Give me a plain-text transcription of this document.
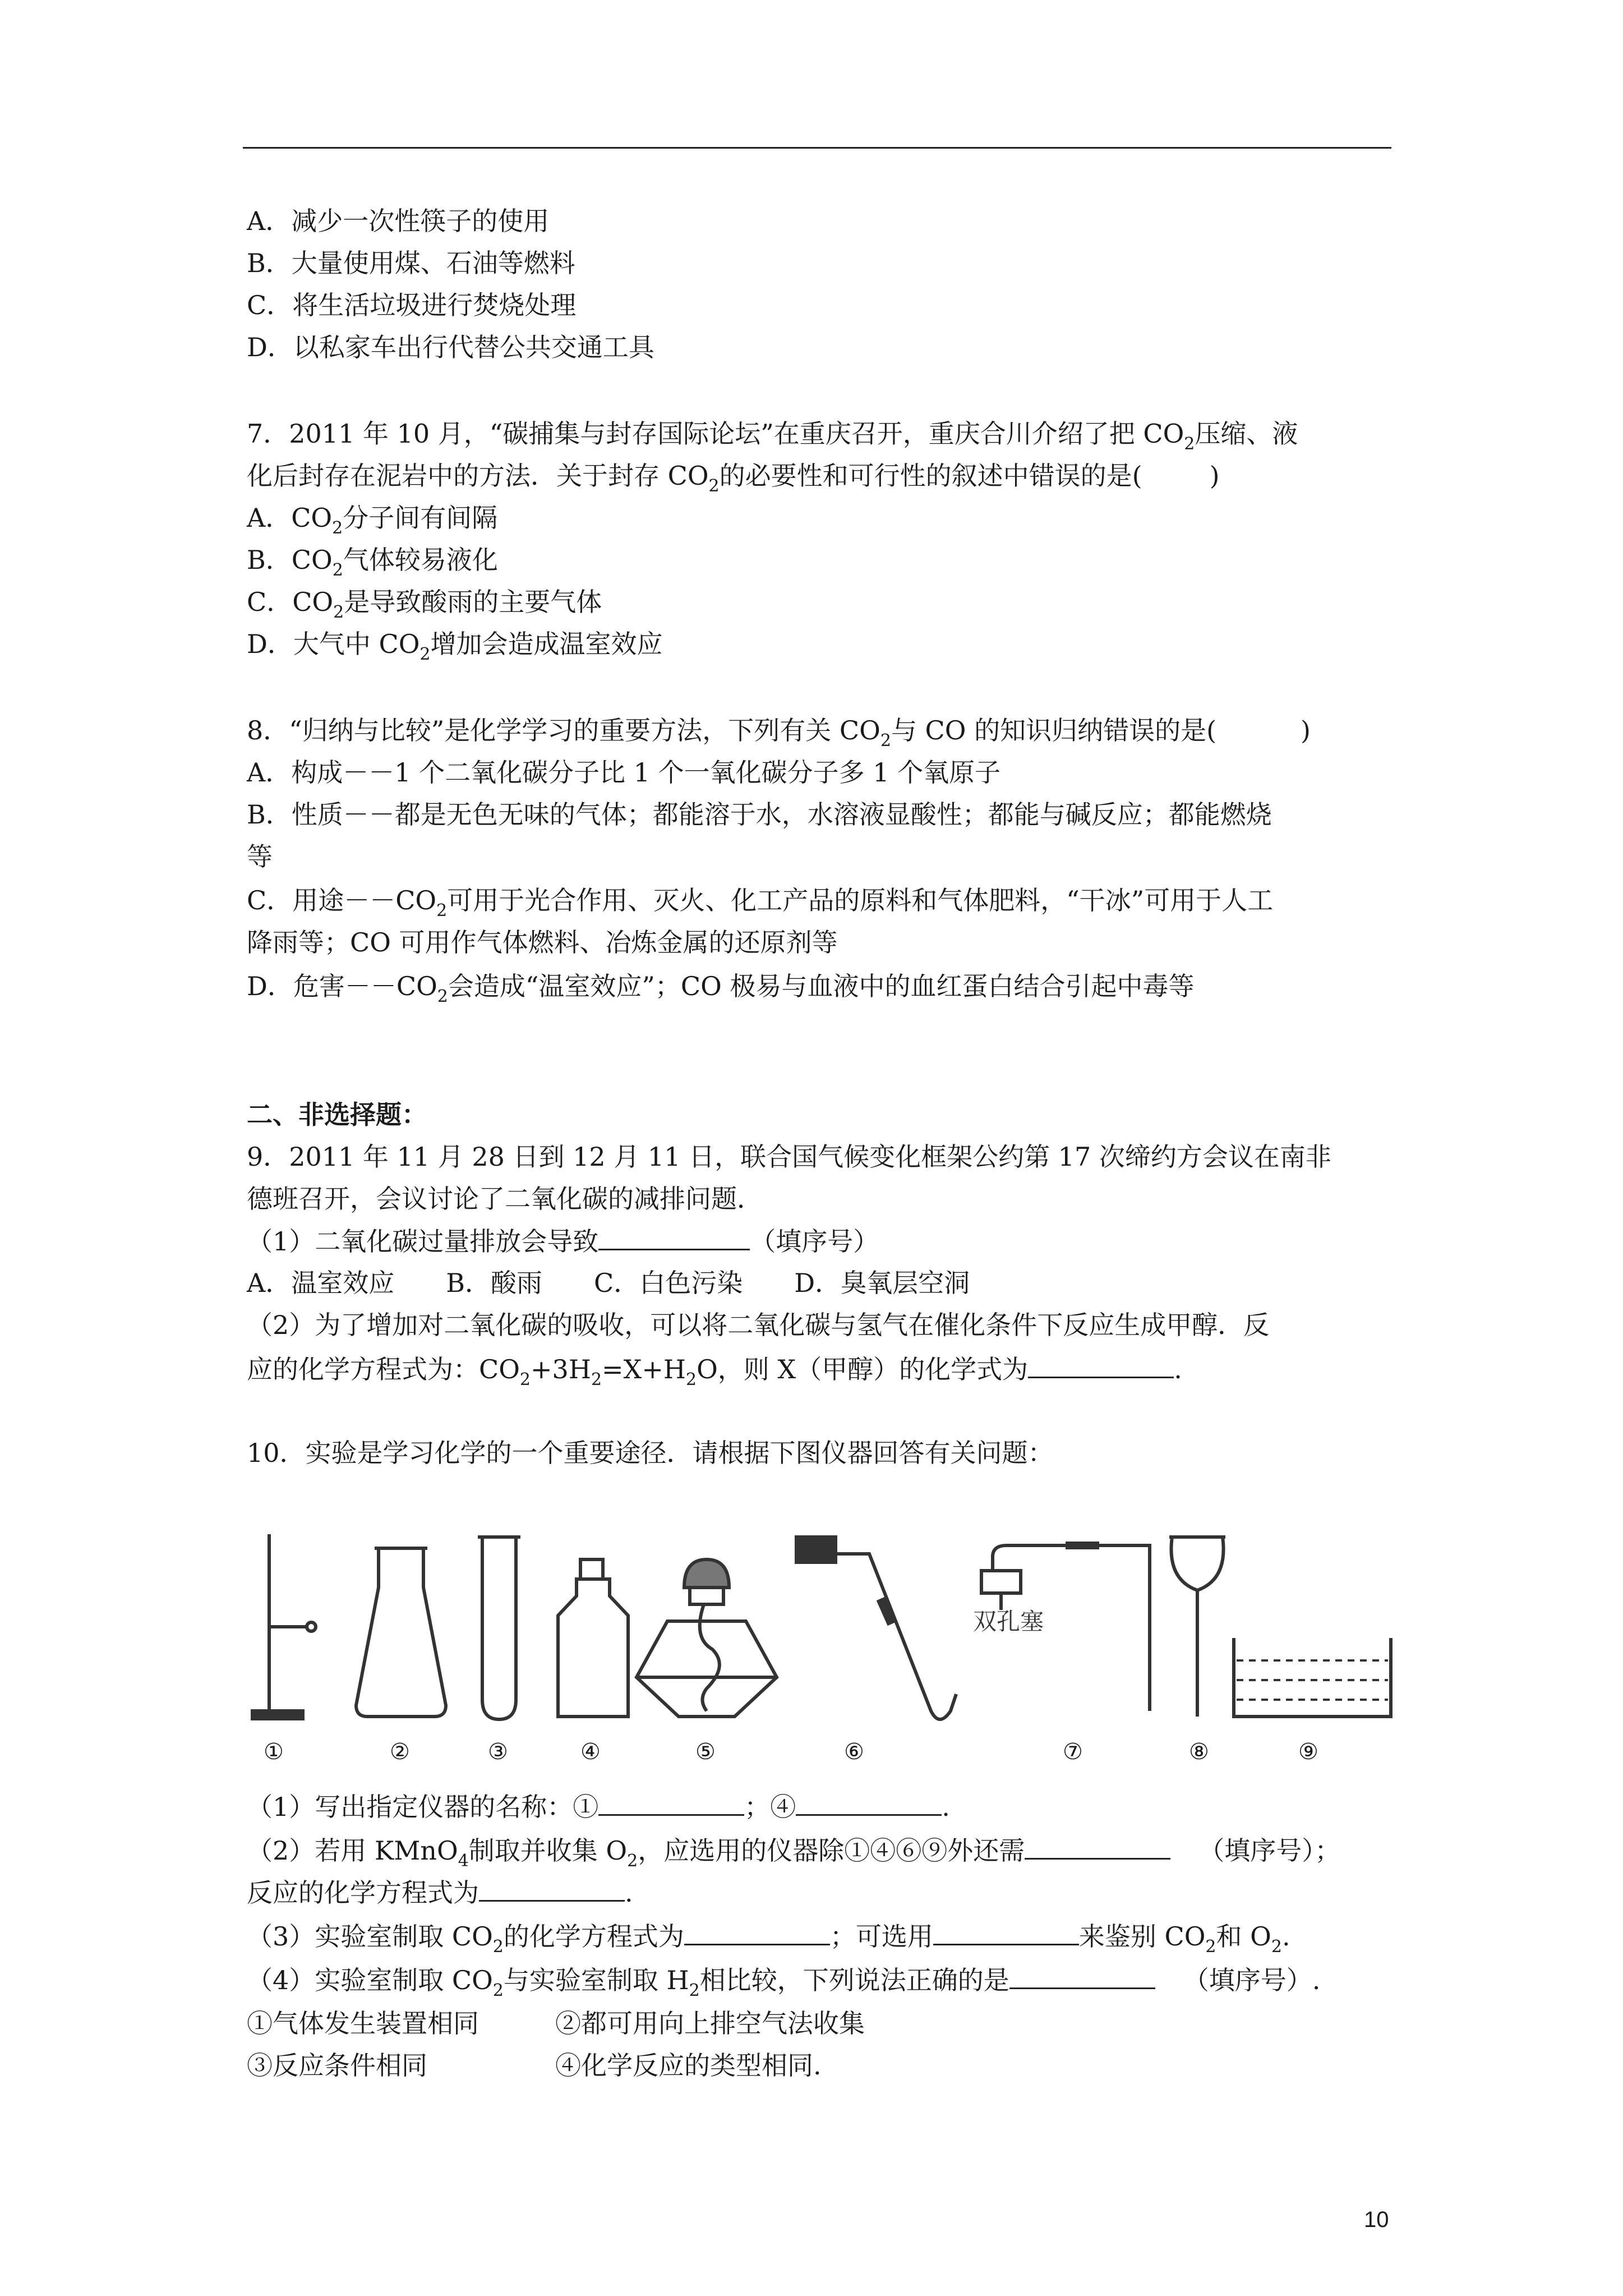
A．减少一次性筷子的使用
B．大量使用煤、石油等燃料
C．将生活垃圾进行焚烧处理
D．以私家车出行代替公共交通工具
7．2011 年 10 月，“碳捕集与封存国际论坛”在重庆召开，重庆合川介绍了把 $CO_2$压缩、液
化后封存在泥岩中的方法．关于封存 $CO_2$的必要性和可行性的叙述中错误的是(	)
A．$CO_2$分子间有间隔
B．$CO_2$气体较易液化
C．$CO_2$是导致酸雨的主要气体
D．大气中 $CO_2$增加会造成温室效应
8．“归纳与比较”是化学学习的重要方法，下列有关 $CO_2$与 CO 的知识归纳错误的是(	)
A．构成－－1 个二氧化碳分子比 1 个一氧化碳分子多 1 个氧原子
B．性质－－都是无色无味的气体；都能溶于水，水溶液显酸性；都能与碱反应；都能燃烧
等
C．用途$--CO_2$可用于光合作用、灭火、化工产品的原料和气体肥料，“干冰”可用于人工
降雨等；CO 可用作气体燃料、冶炼金属的还原剂等
D．危害$--CO_2$会造成“温室效应”；CO 极易与血液中的血红蛋白结合引起中毒等
二、非选择题：
9．2011 年 11 月 28 日到 12 月 11 日，联合国气候变化框架公约第 17 次缔约方会议在南非
德班召开，会议讨论了二氧化碳的减排问题．
（1）二氧化碳过量排放会导致	（填序号）
A．温室效应　　B．酸雨　　C．白色污染　　D．臭氧层空洞
（2）为了增加对二氧化碳的吸收，可以将二氧化碳与氢气在催化条件下反应生成甲醇．反
应的化学方程式为：$CO_2+3H_2=X+H_2O$，则 X（甲醇）的化学式为	.
10．实验是学习化学的一个重要途径．请根据下图仪器回答有关问题：
双孔塞
①	②	③	④	⑤	⑥	⑦	⑧	⑨
（1）写出指定仪器的名称：①	；④	.
（2）若用 KMnO$_4$制取并收集 $O_2$，应选用的仪器除①④⑥⑨外还需	（填序号）；
反应的化学方程式为	.
（3）实验室制取 $CO_2$的化学方程式为	；可选用	来鉴别 $CO_2$和 $O_2$.
（4）实验室制取 $CO_2$与实验室制取 $H_2$相比较，下列说法正确的是	（填序号）.
①气体发生装置相同	②都可用向上排空气法收集
③反应条件相同	④化学反应的类型相同.
10
